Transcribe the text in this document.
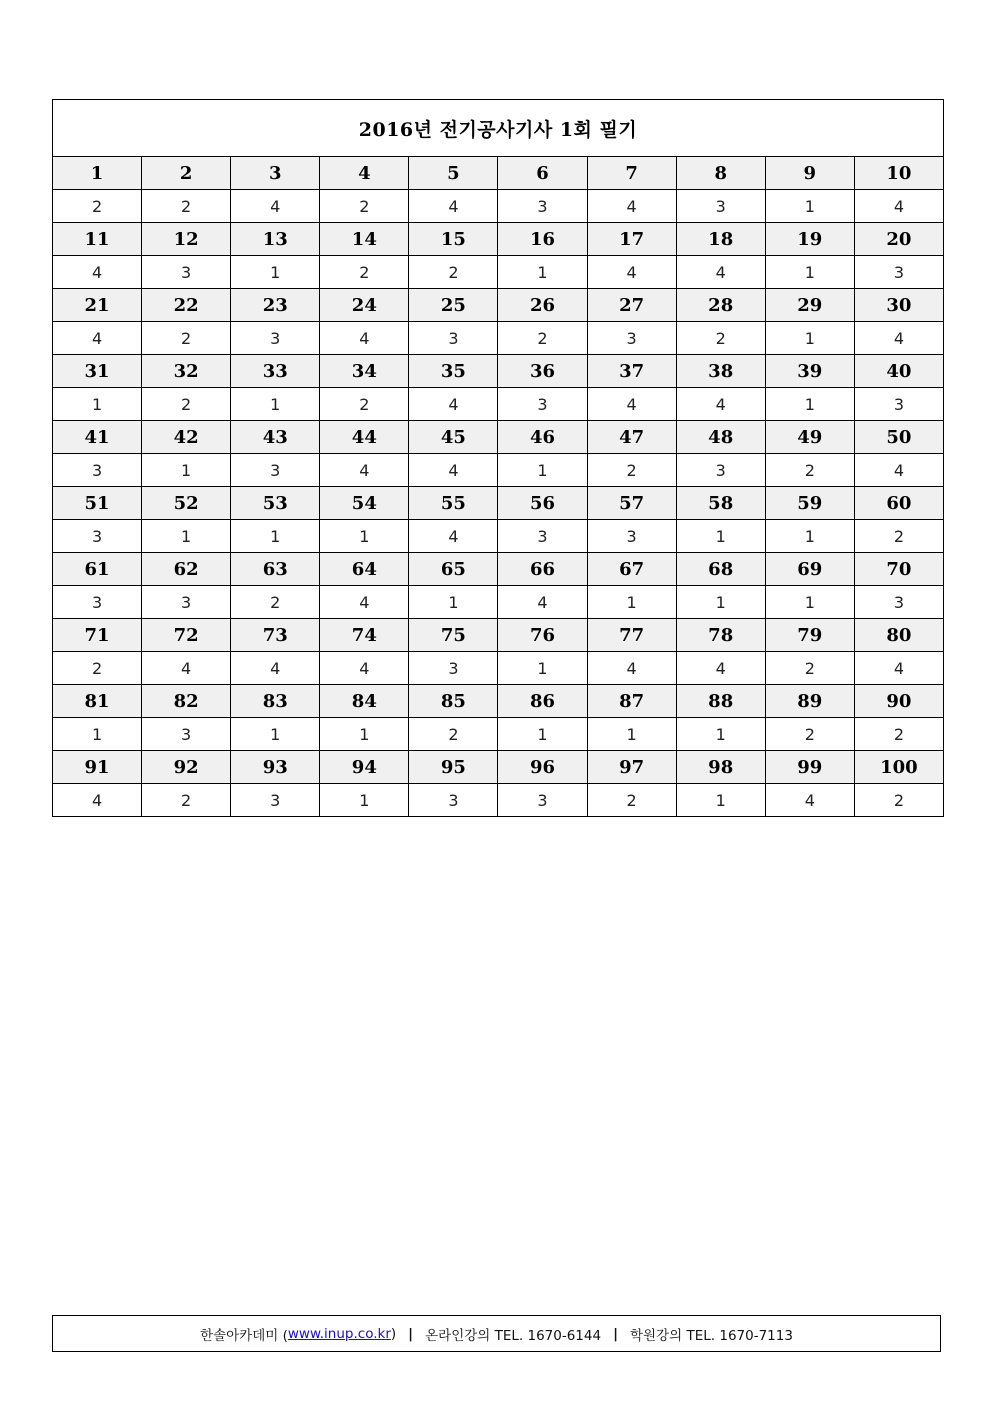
2016년 전기공사기사 1회 필기									
1	2	3	4	5	6	7	8	9	10
2	2	4	2	4	3	4	3	1	4
11	12	13	14	15	16	17	18	19	20
4	3	1	2	2	1	4	4	1	3
21	22	23	24	25	26	27	28	29	30
4	2	3	4	3	2	3	2	1	4
31	32	33	34	35	36	37	38	39	40
1	2	1	2	4	3	4	4	1	3
41	42	43	44	45	46	47	48	49	50
3	1	3	4	4	1	2	3	2	4
51	52	53	54	55	56	57	58	59	60
3	1	1	1	4	3	3	1	1	2
61	62	63	64	65	66	67	68	69	70
3	3	2	4	1	4	1	1	1	3
71	72	73	74	75	76	77	78	79	80
2	4	4	4	3	1	4	4	2	4
81	82	83	84	85	86	87	88	89	90
1	3	1	1	2	1	1	1	2	2
91	92	93	94	95	96	97	98	99	100
4	2	3	1	3	3	2	1	4	2
한솔아카데미 ( www.inup.co.kr ) | 온라인강의 TEL. 1670-6144 | 학원강의 TEL. 1670-7113
